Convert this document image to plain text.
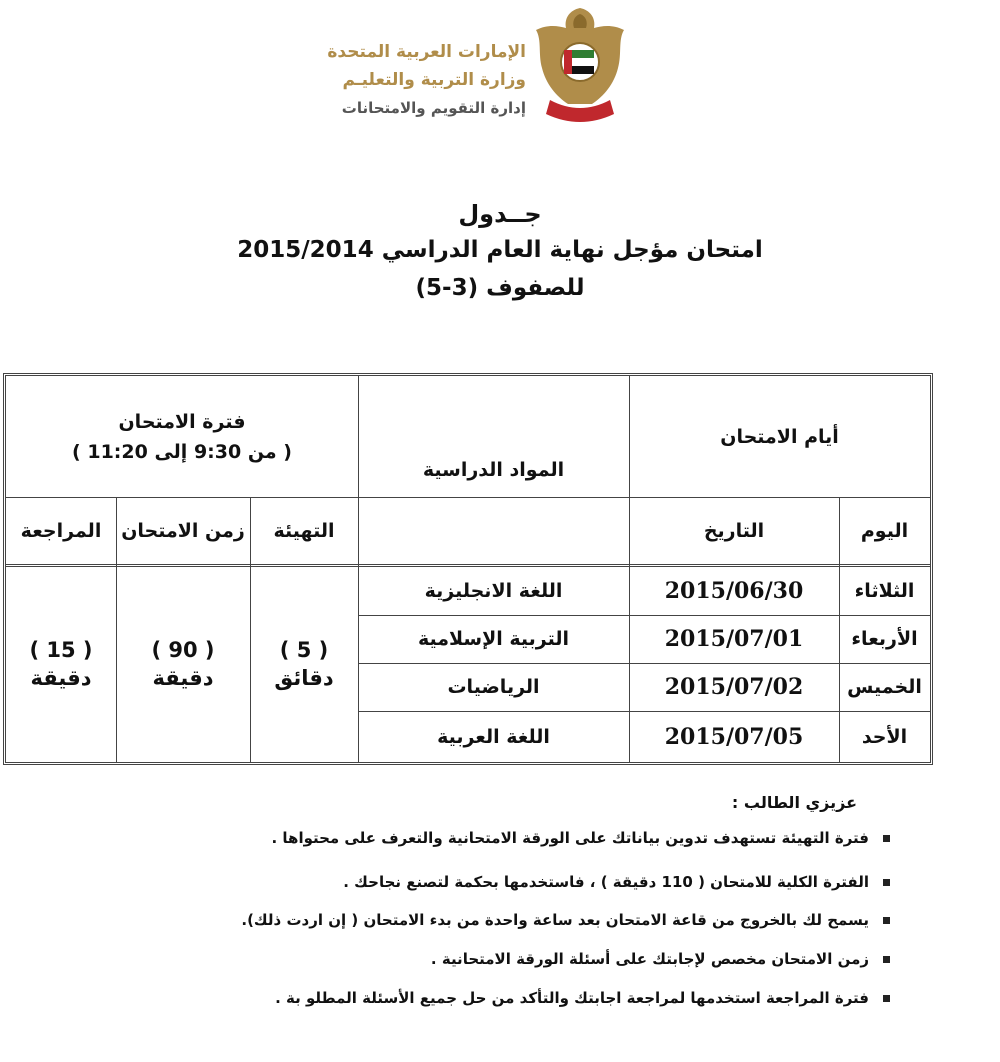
الإمارات العربية المتحدة
وزارة التربية والتعليـم
إدارة التقويم والامتحانات
جــدول
امتحان مؤجل نهاية العام الدراسي 2015/2014
للصفوف (3-5)
أيام الامتحان
اليوم
التاريخ
المواد الدراسية
فترة الامتحان
( من 9:30 إلى 11:20 )
التهيئة
زمن الامتحان
المراجعة
الثلاثاء
2015/06/30
اللغة الانجليزية
الأربعاء
2015/07/01
التربية الإسلامية
الخميس
2015/07/02
الرياضيات
الأحد
2015/07/05
اللغة العربية
( 5 )
دقائق
( 90 )
دقيقة
( 15 )
دقيقة
عزيزي الطالب :
فترة التهيئة تستهدف تدوين بياناتك على الورقة الامتحانية والتعرف على محتواها .
الفترة الكلية للامتحان ( 110 دقيقة ) ، فاستخدمها بحكمة لتصنع نجاحك .
يسمح لك بالخروج من قاعة الامتحان بعد ساعة واحدة من بدء الامتحان ( إن اردت ذلك).
زمن الامتحان مخصص لإجابتك على أسئلة الورقة الامتحانية .
فترة المراجعة استخدمها لمراجعة اجابتك والتأكد من حل جميع الأسئلة المطلو بة .
